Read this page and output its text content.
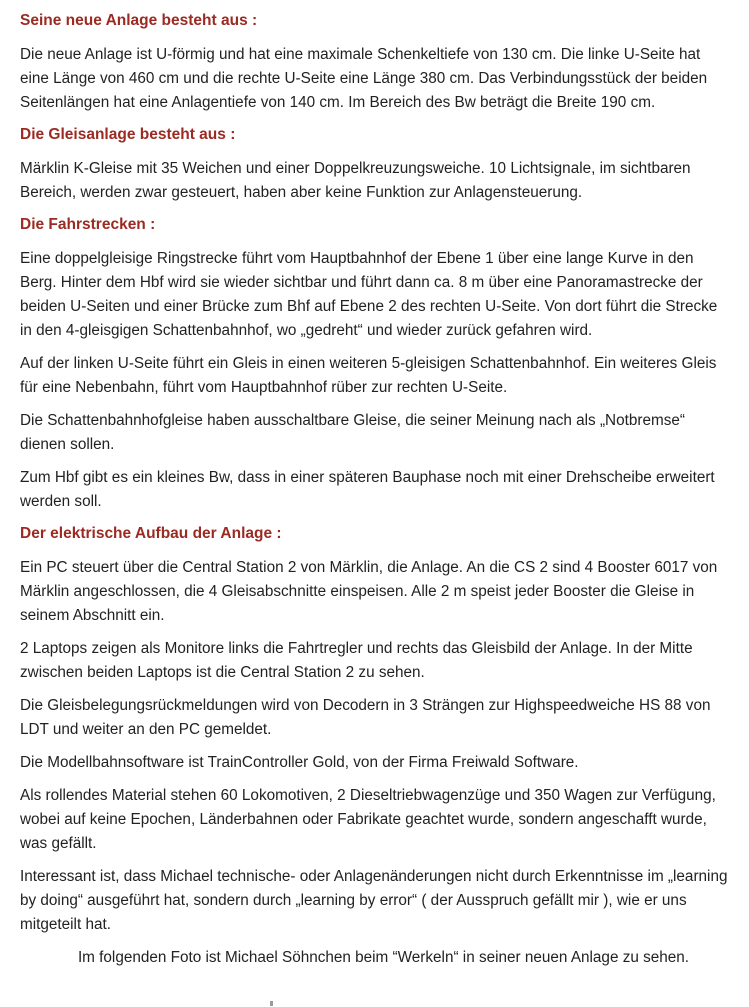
Seine neue Anlage besteht aus :

Die neue Anlage ist U-förmig und hat eine maximale Schenkeltiefe von 130 cm. Die linke U-Seite hat eine Länge von 460 cm und die rechte U-Seite eine Länge 380 cm. Das Verbindungsstück der beiden Seitenlängen hat eine Anlagentiefe von 140 cm. Im Bereich des Bw beträgt die Breite 190 cm.

Die Gleisanlage besteht aus :

Märklin K-Gleise mit 35 Weichen und einer Doppelkreuzungsweiche. 10 Lichtsignale, im sichtbaren Bereich, werden zwar gesteuert, haben aber keine Funktion zur Anlagensteuerung.

Die Fahrstrecken :

Eine doppelgleisige Ringstrecke führt vom Hauptbahnhof der Ebene 1 über eine lange Kurve in den Berg. Hinter dem Hbf wird sie wieder sichtbar und führt dann ca. 8 m über eine Panoramastrecke der beiden U-Seiten und einer Brücke zum Bhf auf Ebene 2 des rechten U-Seite. Von dort führt die Strecke in den 4-gleisgigen Schattenbahnhof, wo „gedreht“ und wieder zurück gefahren wird.

Auf der linken U-Seite führt ein Gleis in einen weiteren 5-gleisigen Schattenbahnhof. Ein weiteres Gleis für eine Nebenbahn, führt vom Hauptbahnhof rüber zur rechten U-Seite.

Die Schattenbahnhofgleise haben ausschaltbare Gleise, die seiner Meinung nach als „Notbremse“ dienen sollen.

Zum Hbf gibt es ein kleines Bw, dass in einer späteren Bauphase noch mit einer Drehscheibe erweitert werden soll.

Der elektrische Aufbau der Anlage :

Ein PC steuert über die Central Station 2 von Märklin, die Anlage. An die CS 2 sind 4 Booster 6017 von Märklin angeschlossen, die 4 Gleisabschnitte einspeisen. Alle 2 m speist jeder Booster die Gleise in seinem Abschnitt ein.

2 Laptops zeigen als Monitore links die Fahrtregler und rechts das Gleisbild der Anlage. In der Mitte zwischen beiden Laptops ist die Central Station 2 zu sehen.

Die Gleisbelegungsrückmeldungen wird von Decodern in 3 Strängen zur Highspeedweiche HS 88 von LDT und weiter an den PC gemeldet.

Die Modellbahnsoftware ist TrainController Gold, von der Firma Freiwald Software.

Als rollendes Material stehen 60 Lokomotiven, 2 Dieseltriebwagenzüge und 350 Wagen zur Verfügung, wobei auf keine Epochen, Länderbahnen oder Fabrikate geachtet wurde, sondern angeschafft wurde, was gefällt.

Interessant ist, dass Michael technische- oder Anlagenänderungen nicht durch Erkenntnisse im „learning by doing“ ausgeführt hat, sondern durch „learning by error“ ( der Ausspruch gefällt mir ), wie er uns mitgeteilt hat.

Im folgenden Foto ist Michael Söhnchen beim “Werkeln“ in seiner neuen Anlage zu sehen.
